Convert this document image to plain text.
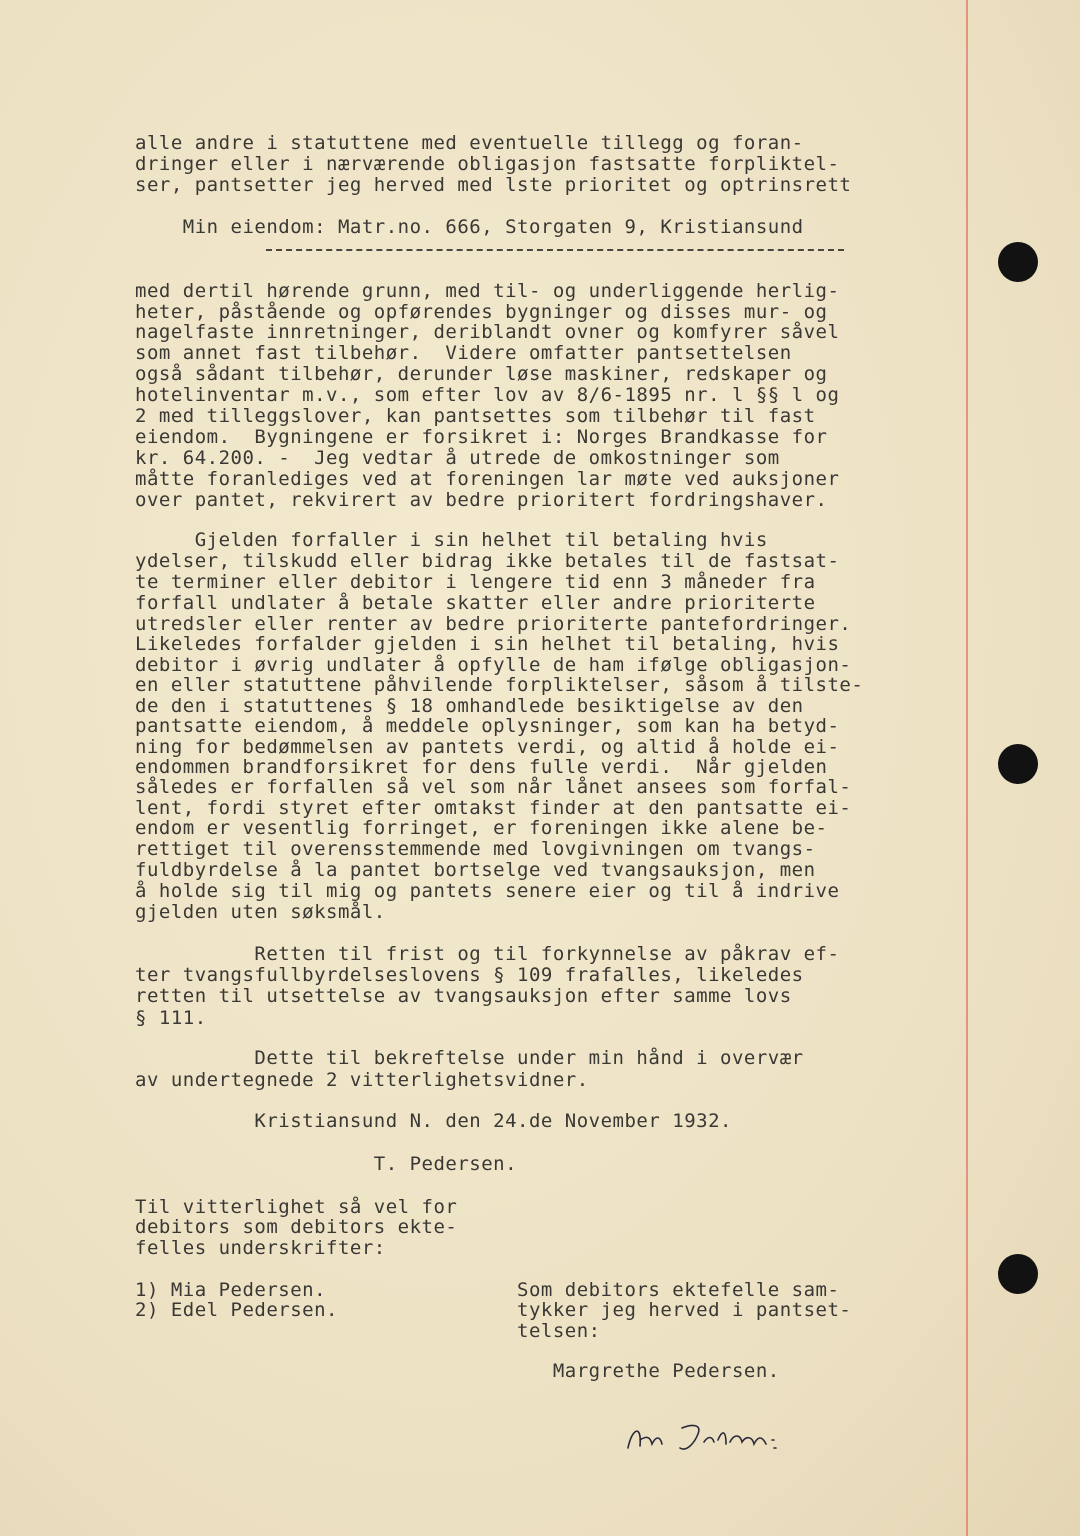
alle andre i statuttene med eventuelle tillegg og foran-
dringer eller i nærværende obligasjon fastsatte forpliktel-
ser, pantsetter jeg herved med lste prioritet og optrinsrett
Min eiendom: Matr.no. 666, Storgaten 9, Kristiansund
med dertil hørende grunn, med til- og underliggende herlig-
heter, påstående og opførendes bygninger og disses mur- og
nagelfaste innretninger, deriblandt ovner og komfyrer såvel
som annet fast tilbehør.  Videre omfatter pantsettelsen
også sådant tilbehør, derunder løse maskiner, redskaper og
hotelinventar m.v., som efter lov av 8/6-1895 nr. l §§ l og
2 med tilleggslover, kan pantsettes som tilbehør til fast
eiendom.  Bygningene er forsikret i: Norges Brandkasse for
kr. 64.200. -  Jeg vedtar å utrede de omkostninger som
måtte foranlediges ved at foreningen lar møte ved auksjoner
over pantet, rekvirert av bedre prioritert fordringshaver.
Gjelden forfaller i sin helhet til betaling hvis
ydelser, tilskudd eller bidrag ikke betales til de fastsat-
te terminer eller debitor i lengere tid enn 3 måneder fra
forfall undlater å betale skatter eller andre prioriterte
utredsler eller renter av bedre prioriterte pantefordringer.
Likeledes forfalder gjelden i sin helhet til betaling, hvis
debitor i øvrig undlater å opfylle de ham ifølge obligasjon-
en eller statuttene påhvilende forpliktelser, såsom å tilste-
de den i statuttenes § 18 omhandlede besiktigelse av den
pantsatte eiendom, å meddele oplysninger, som kan ha betyd-
ning for bedømmelsen av pantets verdi, og altid å holde ei-
endommen brandforsikret for dens fulle verdi.  Når gjelden
således er forfallen så vel som når lånet ansees som forfal-
lent, fordi styret efter omtakst finder at den pantsatte ei-
endom er vesentlig forringet, er foreningen ikke alene be-
rettiget til overensstemmende med lovgivningen om tvangs-
fuldbyrdelse å la pantet bortselge ved tvangsauksjon, men
å holde sig til mig og pantets senere eier og til å indrive
gjelden uten søksmål.
Retten til frist og til forkynnelse av påkrav ef-
ter tvangsfullbyrdelseslovens § 109 frafalles, likeledes
retten til utsettelse av tvangsauksjon efter samme lovs
§ 111.
Dette til bekreftelse under min hånd i overvær
av undertegnede 2 vitterlighetsvidner.
Kristiansund N. den 24.de November 1932.
T. Pedersen.
Til vitterlighet så vel for
debitors som debitors ekte-
felles underskrifter:
1) Mia Pedersen.                Som debitors ektefelle sam-
2) Edel Pedersen.               tykker jeg herved i pantset-
telsen:
Margrethe Pedersen.
